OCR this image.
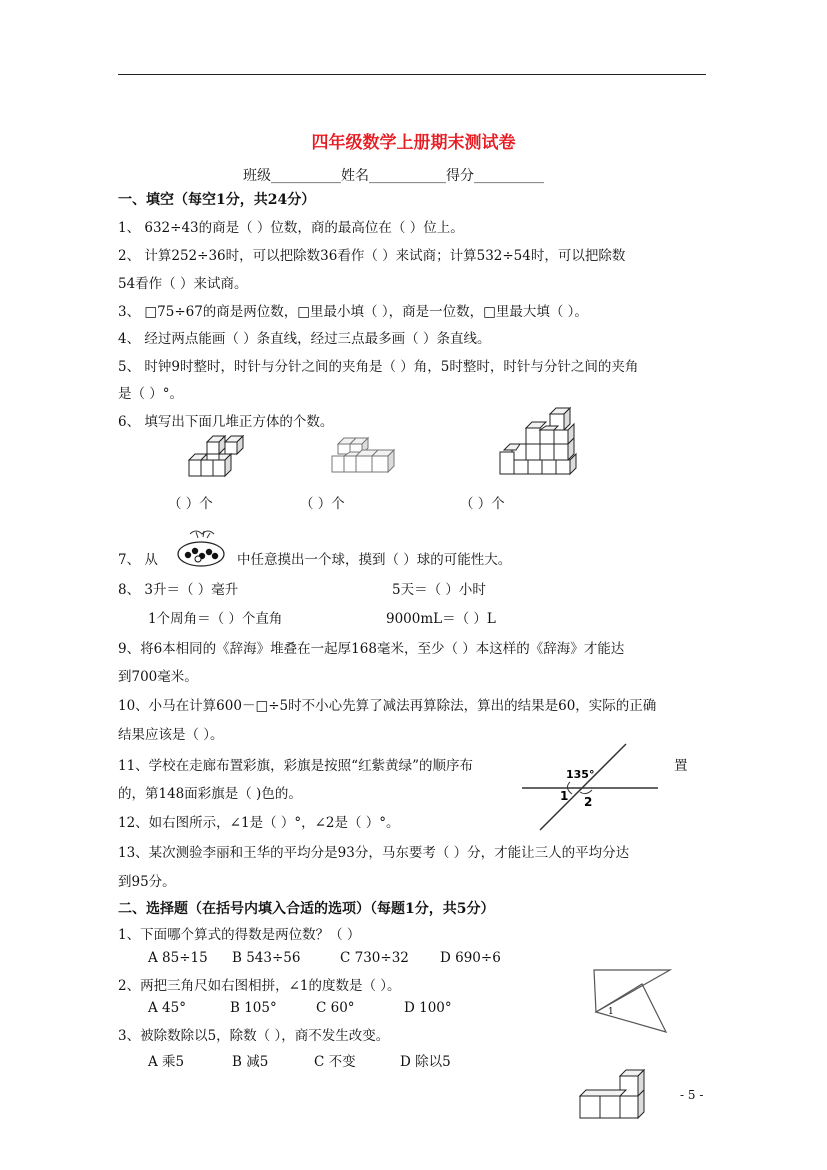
四年级数学上册期末测试卷
班级__________姓名___________得分__________
一、填空（每空1分，共24分）
1、 632÷43的商是（ ）位数，商的最高位在（ ）位上。
2、 计算252÷36时，可以把除数36看作（ ）来试商；计算532÷54时，可以把除数
54看作（ ）来试商。
3、 □75÷67的商是两位数，□里最小填（ ），商是一位数，□里最大填（ ）。
4、 经过两点能画（ ）条直线，经过三点最多画（ ）条直线。
5、 时钟9时整时，时针与分针之间的夹角是（ ）角，5时整时，时针与分针之间的夹角
是（ ）°。
6、 填写出下面几堆正方体的个数。
（ ）个	（ ）个	（ ）个
7、 从	中任意摸出一个球，摸到（ ）球的可能性大。
8、 3升＝（ ）毫升	5天＝（ ）小时
1个周角＝（ ）个直角	9000mL＝（ ）L
9、将6本相同的《辞海》堆叠在一起厚168毫米，至少（ ）本这样的《辞海》才能达
到700毫米。
10、小马在计算600－□÷5时不小心先算了减法再算除法，算出的结果是60，实际的正确
结果应该是（ ）。
11、学校在走廊布置彩旗，彩旗是按照“红紫黄绿”的顺序布	置
的，第148面彩旗是（ )色的。
135°
1 2
12、如右图所示，∠1是（ ）°，∠2是（ ）°。
13、某次测验李丽和王华的平均分是93分，马东要考（ ）分，才能让三人的平均分达
到95分。
二、选择题（在括号内填入合适的选项）（每题1分，共5分）
1、下面哪个算式的得数是两位数？（ ）
A 85÷15 B 543÷56	C 730÷32 D 690÷6
2、两把三角尺如右图相拼，∠1的度数是（ ）。
A 45°	B 105°	C 60°	D 100°	1
3、被除数除以5，除数（ ），商不发生改变。
A 乘5	B 减5	C 不变	D 除以5
- 5 -
